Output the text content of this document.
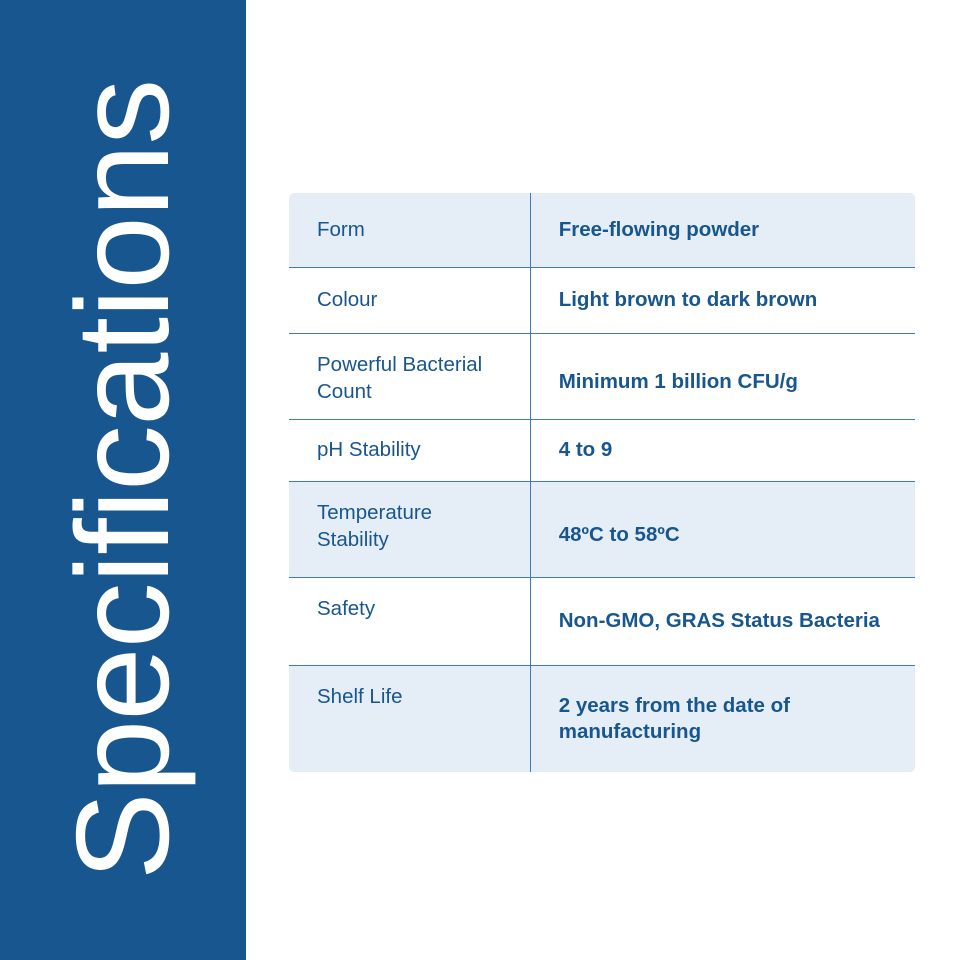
Specifications	Form	Free-flowing powder
Colour	Light brown to dark brown
Powerful Bacterial Count	Minimum 1 billion CFU/g
pH Stability	4 to 9
Temperature Stability	48ºC to 58ºC
Safety	Non-GMO, GRAS Status Bacteria
Shelf Life	2 years from the date of manufacturing
